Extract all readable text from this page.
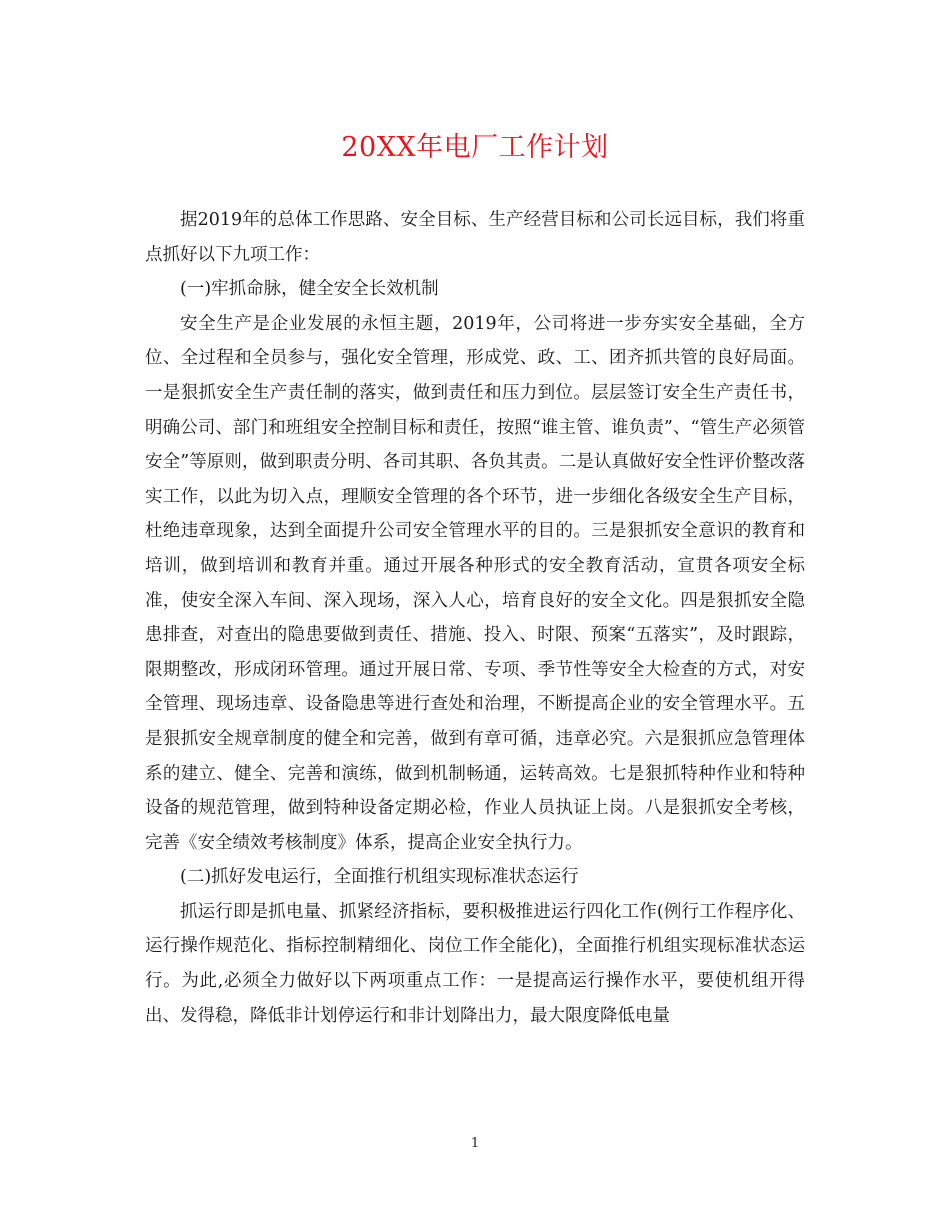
20XX年电厂工作计划

据2019年的总体工作思路、安全目标、生产经营目标和公司长远目标，我们将重点抓好以下九项工作：

(一)牢抓命脉，健全安全长效机制

安全生产是企业发展的永恒主题，2019年，公司将进一步夯实安全基础，全方位、全过程和全员参与，强化安全管理，形成党、政、工、团齐抓共管的良好局面。一是狠抓安全生产责任制的落实，做到责任和压力到位。层层签订安全生产责任书，明确公司、部门和班组安全控制目标和责任，按照“谁主管、谁负责”、“管生产必须管安全”等原则，做到职责分明、各司其职、各负其责。二是认真做好安全性评价整改落实工作，以此为切入点，理顺安全管理的各个环节，进一步细化各级安全生产目标，杜绝违章现象，达到全面提升公司安全管理水平的目的。三是狠抓安全意识的教育和培训，做到培训和教育并重。通过开展各种形式的安全教育活动，宣贯各项安全标准，使安全深入车间、深入现场，深入人心，培育良好的安全文化。四是狠抓安全隐患排查，对查出的隐患要做到责任、措施、投入、时限、预案“五落实”，及时跟踪，限期整改，形成闭环管理。通过开展日常、专项、季节性等安全大检查的方式，对安全管理、现场违章、设备隐患等进行查处和治理，不断提高企业的安全管理水平。五是狠抓安全规章制度的健全和完善，做到有章可循，违章必究。六是狠抓应急管理体系的建立、健全、完善和演练，做到机制畅通，运转高效。七是狠抓特种作业和特种设备的规范管理，做到特种设备定期必检，作业人员执证上岗。八是狠抓安全考核，完善《安全绩效考核制度》体系，提高企业安全执行力。

(二)抓好发电运行，全面推行机组实现标准状态运行

抓运行即是抓电量、抓紧经济指标，要积极推进运行四化工作(例行工作程序化、运行操作规范化、指标控制精细化、岗位工作全能化)，全面推行机组实现标准状态运行。为此,必须全力做好以下两项重点工作：一是提高运行操作水平，要使机组开得出、发得稳，降低非计划停运行和非计划降出力，最大限度降低电量

1
